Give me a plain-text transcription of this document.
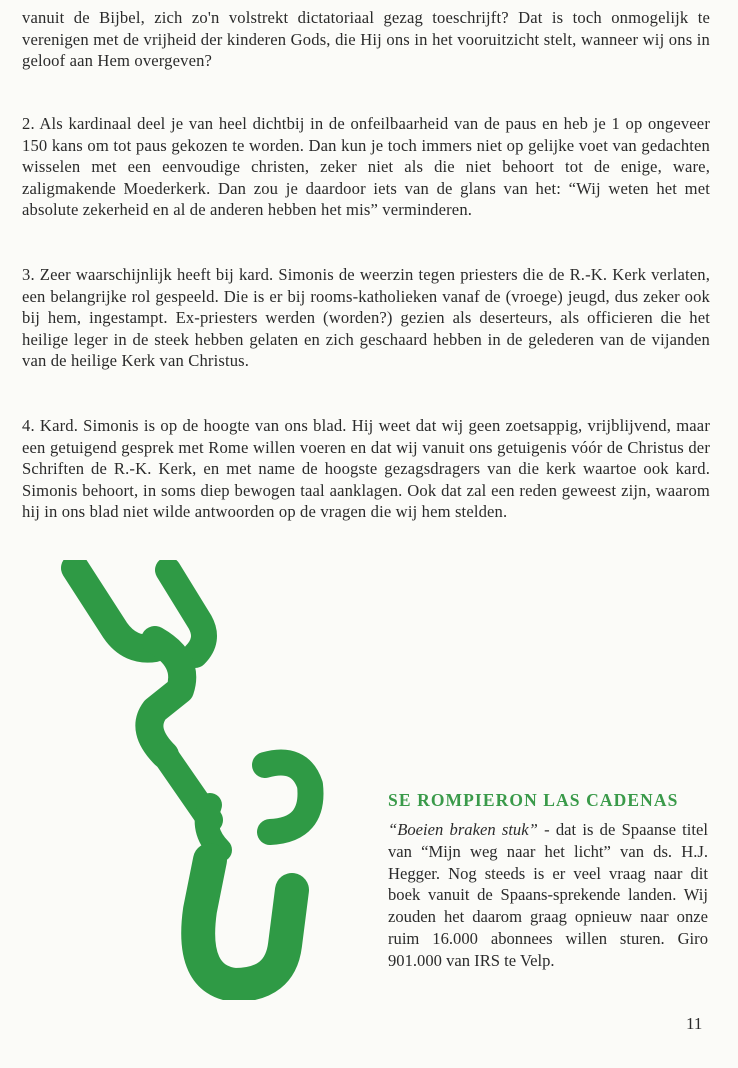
vanuit de Bijbel, zich zo'n volstrekt dictatoriaal gezag toeschrijft? Dat is toch onmogelijk te verenigen met de vrijheid der kinderen Gods, die Hij ons in het vooruitzicht stelt, wanneer wij ons in geloof aan Hem overgeven?

2. Als kardinaal deel je van heel dichtbij in de onfeilbaarheid van de paus en heb je 1 op ongeveer 150 kans om tot paus gekozen te worden. Dan kun je toch immers niet op gelijke voet van gedachten wisselen met een eenvoudige christen, zeker niet als die niet behoort tot de enige, ware, zaligmakende Moederkerk. Dan zou je daardoor iets van de glans van het: “Wij weten het met absolute zekerheid en al de anderen hebben het mis” verminderen.

3. Zeer waarschijnlijk heeft bij kard. Simonis de weerzin tegen priesters die de R.-K. Kerk verlaten, een belangrijke rol gespeeld. Die is er bij rooms-katholieken vanaf de (vroege) jeugd, dus zeker ook bij hem, ingestampt. Ex-priesters werden (worden?) gezien als deserteurs, als officieren die het heilige leger in de steek hebben gelaten en zich geschaard hebben in de gelederen van de vijanden van de heilige Kerk van Christus.

4. Kard. Simonis is op de hoogte van ons blad. Hij weet dat wij geen zoetsappig, vrijblijvend, maar een getuigend gesprek met Rome willen voeren en dat wij vanuit ons getuigenis vóór de Christus der Schriften de R.-K. Kerk, en met name de hoogste gezagsdragers van die kerk waartoe ook kard. Simonis behoort, in soms diep bewogen taal aanklagen. Ook dat zal een reden geweest zijn, waarom hij in ons blad niet wilde antwoorden op de vragen die wij hem stelden.

SE ROMPIERON LAS CADENAS

“Boeien braken stuk” - dat is de Spaanse titel van “Mijn weg naar het licht” van ds. H.J. Hegger. Nog steeds is er veel vraag naar dit boek vanuit de Spaans-sprekende landen. Wij zouden het daarom graag opnieuw naar onze ruim 16.000 abonnees willen sturen. Giro 901.000 van IRS te Velp.

11
